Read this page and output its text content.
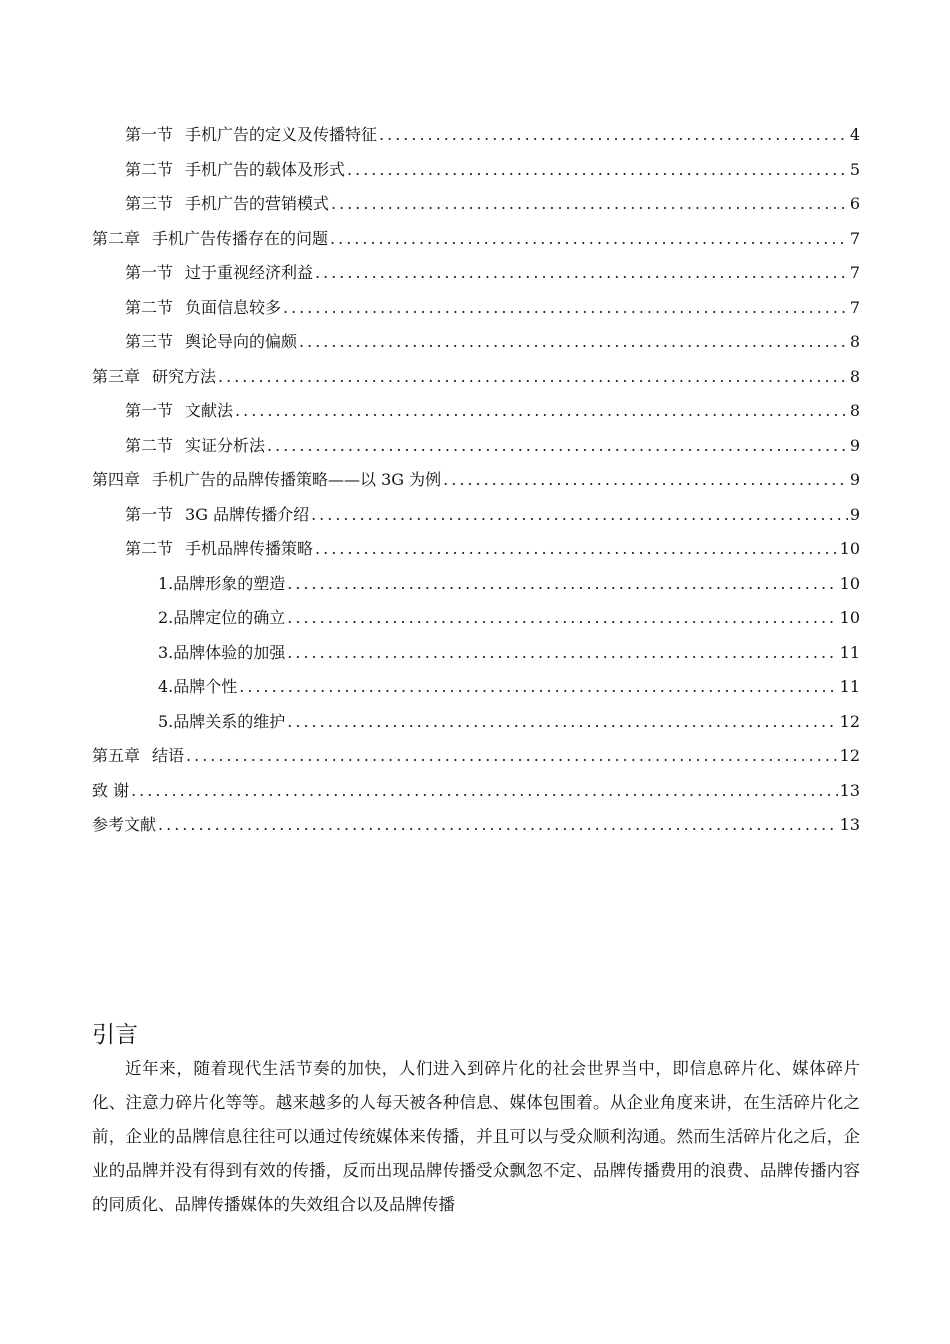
第一节 手机广告的定义及传播特征 .....	4
第二节 手机广告的载体及形式 .....	5
第三节 手机广告的营销模式 .....	6
第二章 手机广告传播存在的问题 .....	7
第一节 过于重视经济利益 .....	7
第二节 负面信息较多 .....	7
第三节 舆论导向的偏颇 .....	8
第三章 研究方法 .....	8
第一节 文献法 .....	8
第二节 实证分析法 .....	9
第四章 手机广告的品牌传播策略——以 3G 为例 .....	9
第一节 3G 品牌传播介绍 .....	9
第二节 手机品牌传播策略 .....	10
1.品牌形象的塑造 .....	10
2.品牌定位的确立 .....	10
3.品牌体验的加强 .....	11
4.品牌个性 .....	11
5.品牌关系的维护 .....	12
第五章 结语 .....	12
致 谢 .....	13
参考文献 .....	13
引言

近年来，随着现代生活节奏的加快，人们进入到碎片化的社会世界当中，即信息碎片化、媒体碎片化、注意力碎片化等等。越来越多的人每天被各种信息、媒体包围着。从企业角度来讲，在生活碎片化之前，企业的品牌信息往往可以通过传统媒体来传播，并且可以与受众顺利沟通。然而生活碎片化之后，企业的品牌并没有得到有效的传播，反而出现品牌传播受众飘忽不定、品牌传播费用的浪费、品牌传播内容的同质化、品牌传播媒体的失效组合以及品牌传播
